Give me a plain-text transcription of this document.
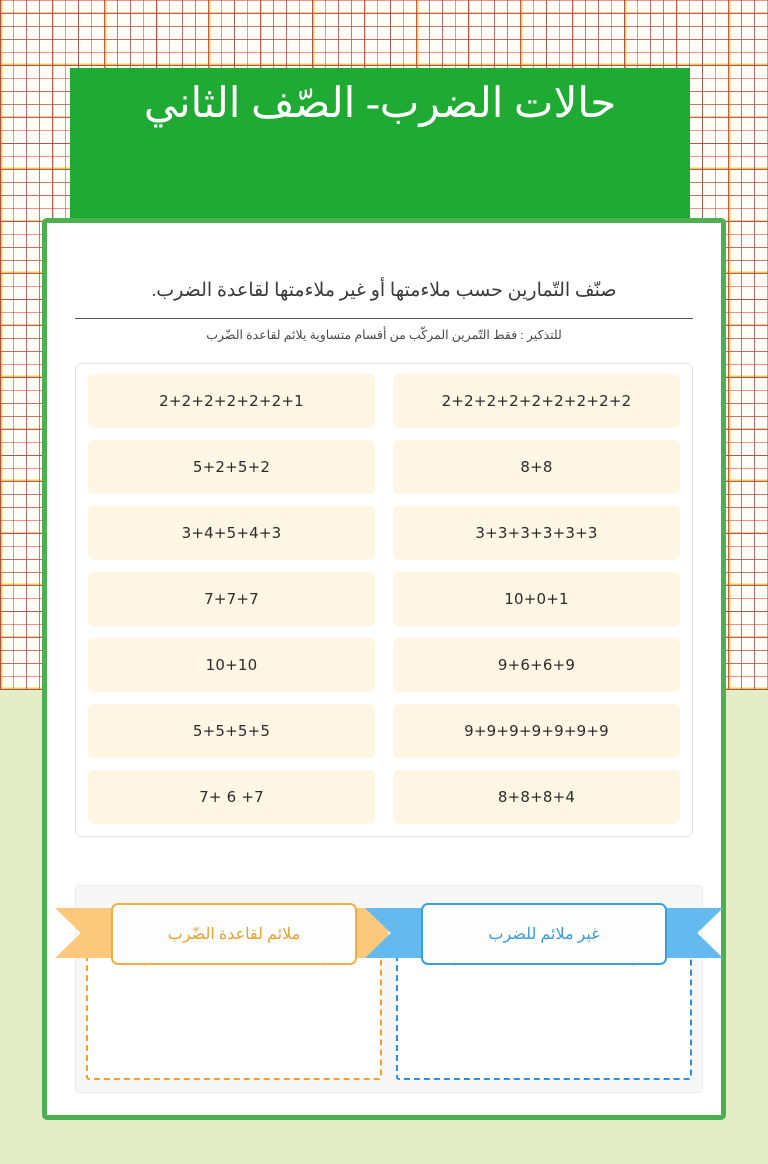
حالات الضرب- الصّف الثاني
صنّف التّمارين حسب ملاءمتها أو غير ملاءمتها لقاعدة الضرب.
للتذكير : فقط التّمرين المركّب من أقسام متساوية يلائم لقاعدة الضّرب
2+2+2+2+2+2+1	2+2+2+2+2+2+2+2+2
5+2+5+2	8+8
3+4+5+4+3	3+3+3+3+3+3
7+7+7	10+0+1
10+10	9+6+6+9
5+5+5+5	9+9+9+9+9+9+9
7+ 6 +7	8+8+8+4
ملائم لقاعدة الضّرب	غير ملائم للضرب
